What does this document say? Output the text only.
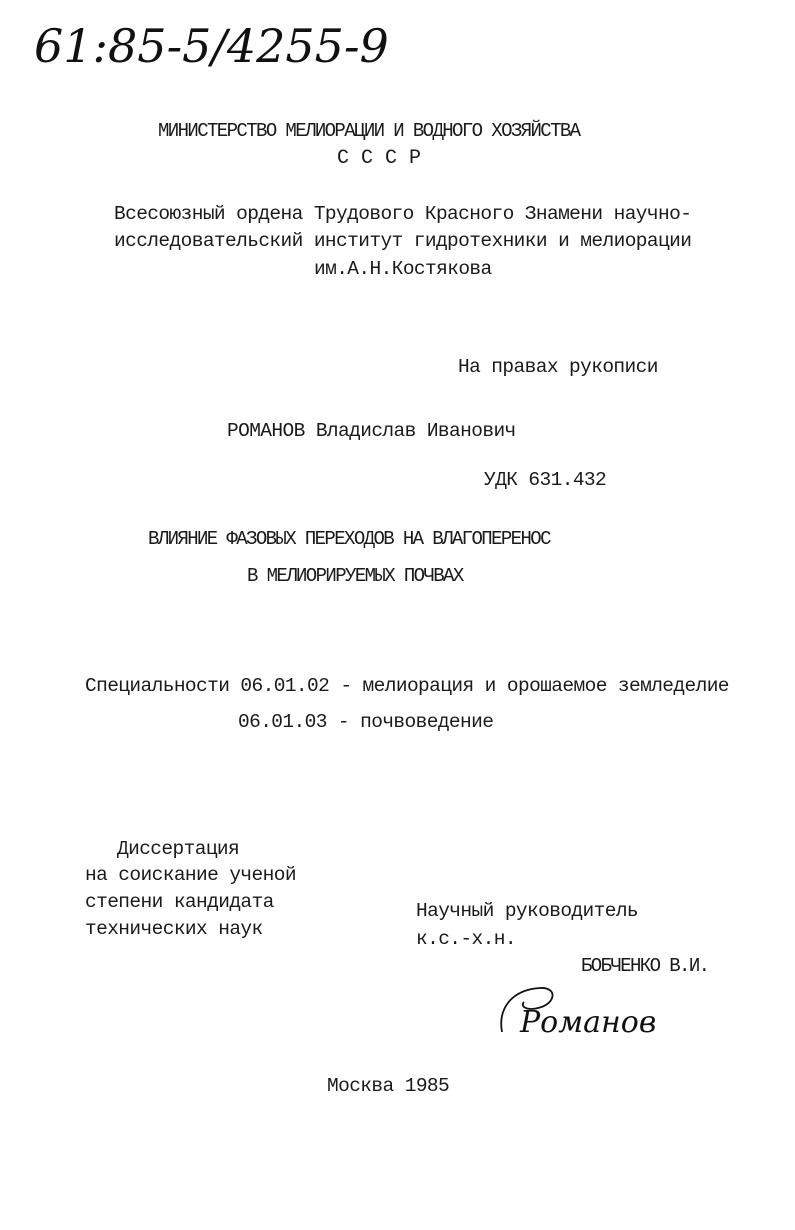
61:85-5/4255-9
МИНИСТЕРСТВО МЕЛИОРАЦИИ И ВОДНОГО ХОЗЯЙСТВА
С С С Р
Всесоюзный ордена Трудового Красного Знамени научно-
исследовательский институт гидротехники и мелиорации
им.А.Н.Костякова
На правах рукописи
РОМАНОВ Владислав Иванович
УДК 631.432
ВЛИЯНИЕ ФАЗОВЫХ ПЕРЕХОДОВ НА ВЛАГОПЕРЕНОС
В МЕЛИОРИРУЕМЫХ ПОЧВАХ
Специальности 06.01.02 - мелиорация и орошаемое земледелие
06.01.03 - почвоведение
Диссертация
на соискание ученой
степени кандидата
технических наук
Научный руководитель
к.с.-х.н.
БОБЧЕНКО В.И.
Романов
Москва 1985
